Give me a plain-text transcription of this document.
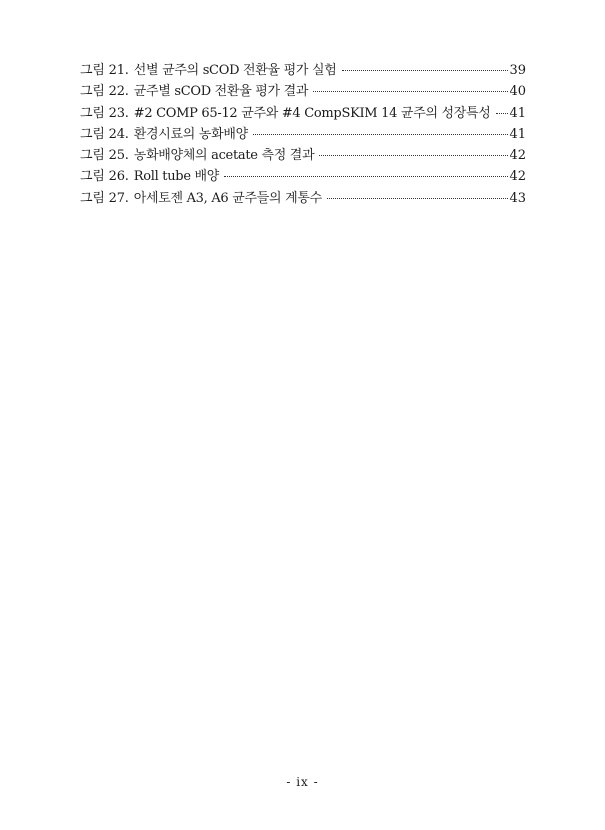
그림 21. 선별 균주의 sCOD 전환율 평가 실험	39
그림 22. 균주별 sCOD 전환율 평가 결과	40
그림 23. #2 COMP 65-12 균주와 #4 CompSKIM 14 균주의 성장특성	41
그림 24. 환경시료의 농화배양	41
그림 25. 농화배양체의 acetate 측정 결과	42
그림 26. Roll tube 배양	42
그림 27. 아세토젠 A3, A6 균주들의 계통수	43
- ix -
